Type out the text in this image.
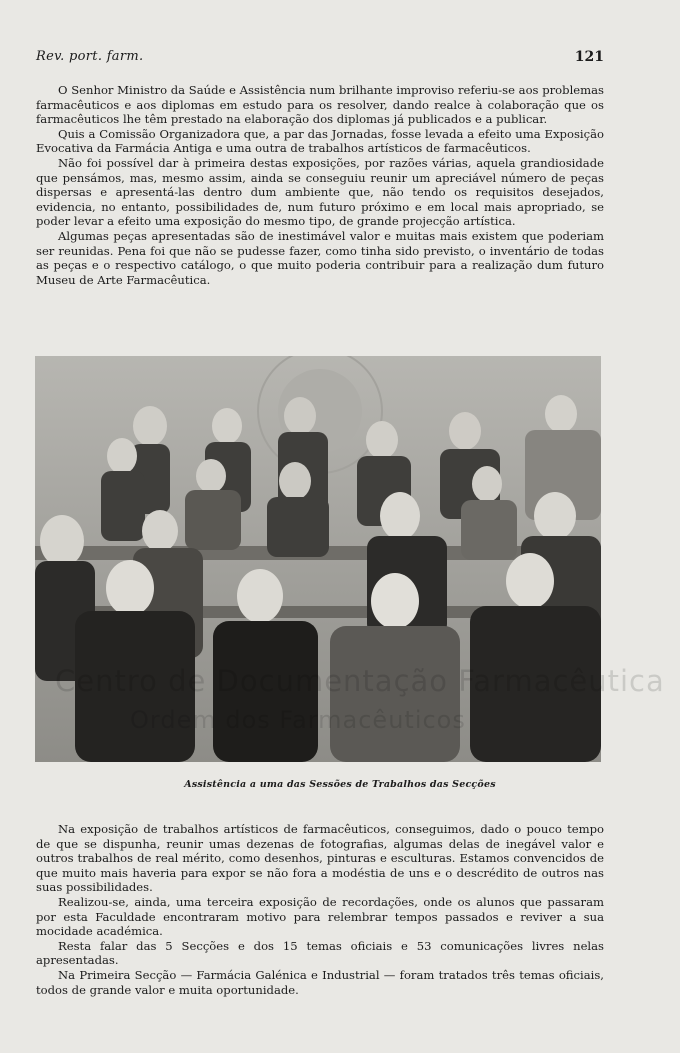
Rev. port. farm.	121

O Senhor Ministro da Saúde e Assistência num brilhante improviso referiu-se aos problemas farmacêuticos e aos diplomas em estudo para os resolver, dando realce à colaboração que os farmacêuticos lhe têm prestado na elaboração dos diplomas já publicados e a publicar.

Quis a Comissão Organizadora que, a par das Jornadas, fosse levada a efeito uma Exposição Evocativa da Farmácia Antiga e uma outra de trabalhos artísticos de farmacêuticos.

Não foi possível dar à primeira destas exposições, por razões várias, aquela grandiosidade que pensámos, mas, mesmo assim, ainda se conseguiu reunir um apreciável número de peças dispersas e apresentá-las dentro dum ambiente que, não tendo os requisitos desejados, evidencia, no entanto, possibilidades de, num futuro próximo e em local mais apropriado, se poder levar a efeito uma exposição do mesmo tipo, de grande projecção artística.

Algumas peças apresentadas são de inestimável valor e muitas mais existem que poderiam ser reunidas. Pena foi que não se pudesse fazer, como tinha sido previsto, o inventário de todas as peças e o respectivo catálogo, o que muito poderia contribuir para a realização dum futuro Museu de Arte Farmacêutica.

Assistência a uma das Sessões de Trabalhos das Secções
Centro de Documentação Farmacêutica
Ordem dos Farmacêuticos

Na exposição de trabalhos artísticos de farmacêuticos, conseguimos, dado o pouco tempo de que se dispunha, reunir umas dezenas de fotografias, algumas delas de inegável valor e outros trabalhos de real mérito, como desenhos, pinturas e esculturas. Estamos convencidos de que muito mais haveria para expor se não fora a modéstia de uns e o descrédito de outros nas suas possibilidades.

Realizou-se, ainda, uma terceira exposição de recordações, onde os alunos que passaram por esta Faculdade encontraram motivo para relembrar tempos passados e reviver a sua mocidade académica.

Resta falar das 5 Secções e dos 15 temas oficiais e 53 comunicações livres nelas apresentadas.

Na Primeira Secção — Farmácia Galénica e Industrial — foram tratados três temas oficiais, todos de grande valor e muita oportunidade.
